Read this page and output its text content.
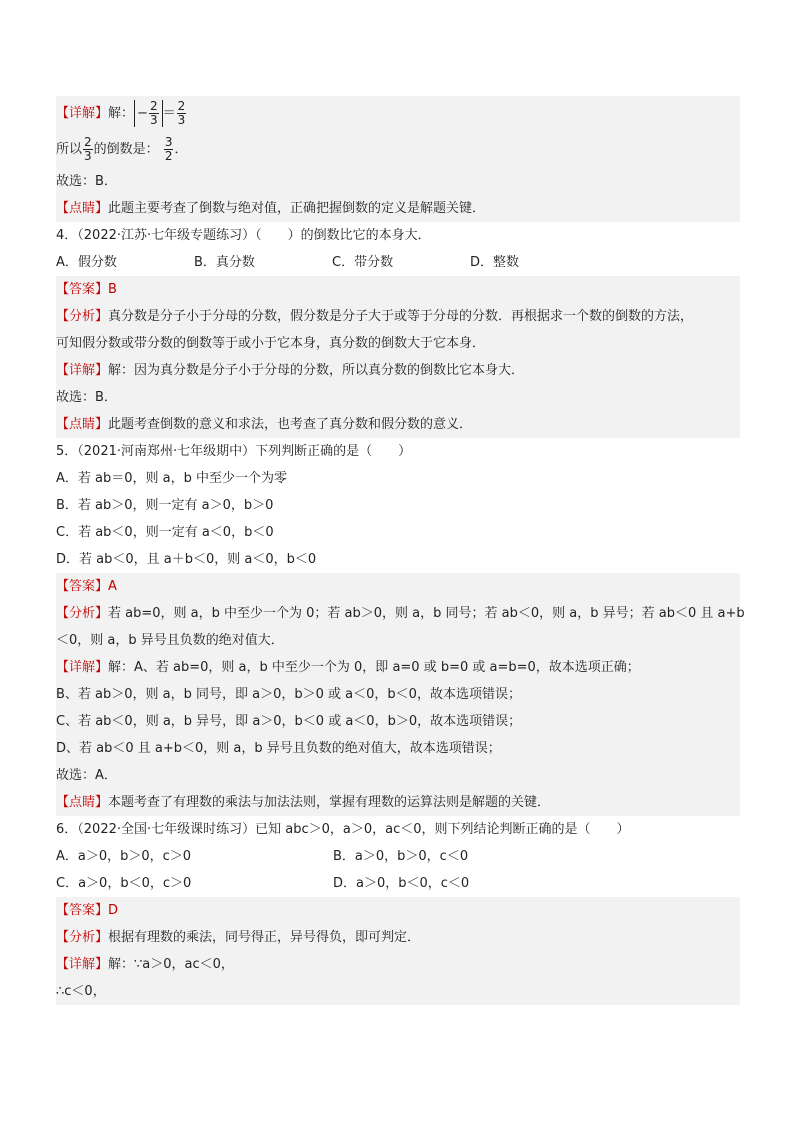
【详解】解： − $\frac{2}{3} = \frac{2}{3}$
所以 $\frac{2}{3}$ 的倒数是： $\frac{3}{2}$ ．
故选：B．
【点睛】此题主要考查了倒数与绝对值，正确把握倒数的定义是解题关键．
4．（2022·江苏·七年级专题练习）（　　）的倒数比它的本身大．
A．假分数	B．真分数	C．带分数	D．整数
【答案】B
【分析】真分数是分子小于分母的分数，假分数是分子大于或等于分母的分数．再根据求一个数的倒数的方法，
可知假分数或带分数的倒数等于或小于它本身，真分数的倒数大于它本身．
【详解】解：因为真分数是分子小于分母的分数，所以真分数的倒数比它本身大．
故选：B．
【点睛】此题考查倒数的意义和求法，也考查了真分数和假分数的意义．
5．（2021·河南郑州·七年级期中）下列判断正确的是（　　）
A．若 ab＝0，则 a，b 中至少一个为零
B．若 ab＞0，则一定有 a＞0，b＞0
C．若 ab＜0，则一定有 a＜0，b＜0
D．若 ab＜0，且 a＋b＜0，则 a＜0，b＜0
【答案】A
【分析】若 ab=0，则 a，b 中至少一个为 0；若 ab＞0，则 a，b 同号；若 ab＜0，则 a，b 异号；若 ab＜0 且 a+b
＜0，则 a，b 异号且负数的绝对值大．
【详解】解：A、若 ab=0，则 a，b 中至少一个为 0，即 a=0 或 b=0 或 a=b=0，故本选项正确；
B、若 ab＞0，则 a，b 同号，即 a＞0，b＞0 或 a＜0，b＜0，故本选项错误；
C、若 ab＜0，则 a，b 异号，即 a＞0，b＜0 或 a＜0，b＞0，故本选项错误；
D、若 ab＜0 且 a+b＜0，则 a，b 异号且负数的绝对值大，故本选项错误；
故选：A．
【点睛】本题考查了有理数的乘法与加法法则，掌握有理数的运算法则是解题的关键．
6．（2022·全国·七年级课时练习）已知 abc＞0，a＞0，ac＜0，则下列结论判断正确的是（　　）
A．a＞0，b＞0，c＞0	B．a＞0，b＞0，c＜0
C．a＞0，b＜0，c＞0	D．a＞0，b＜0，c＜0
【答案】D
【分析】根据有理数的乘法，同号得正，异号得负，即可判定．
【详解】解：∵a＞0，ac＜0，
∴c＜0，
